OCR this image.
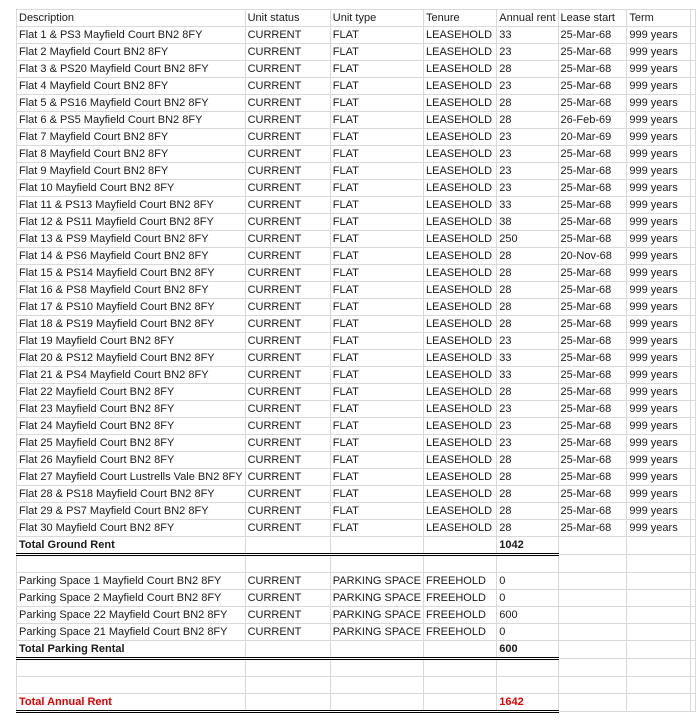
Description	Unit status	Unit type	Tenure	Annual rent	Lease start	Term	
Flat 1 & PS3 Mayfield Court BN2 8FY	CURRENT	FLAT	LEASEHOLD	33	25-Mar-68	999 years	
Flat 2 Mayfield Court BN2 8FY	CURRENT	FLAT	LEASEHOLD	23	25-Mar-68	999 years	
Flat 3 & PS20 Mayfield Court BN2 8FY	CURRENT	FLAT	LEASEHOLD	28	25-Mar-68	999 years	
Flat 4 Mayfield Court BN2 8FY	CURRENT	FLAT	LEASEHOLD	23	25-Mar-68	999 years	
Flat 5 & PS16 Mayfield Court BN2 8FY	CURRENT	FLAT	LEASEHOLD	28	25-Mar-68	999 years	
Flat 6 & PS5 Mayfield Court BN2 8FY	CURRENT	FLAT	LEASEHOLD	28	26-Feb-69	999 years	
Flat 7 Mayfield Court BN2 8FY	CURRENT	FLAT	LEASEHOLD	23	20-Mar-69	999 years	
Flat 8 Mayfield Court BN2 8FY	CURRENT	FLAT	LEASEHOLD	23	25-Mar-68	999 years	
Flat 9 Mayfield Court BN2 8FY	CURRENT	FLAT	LEASEHOLD	23	25-Mar-68	999 years	
Flat 10 Mayfield Court BN2 8FY	CURRENT	FLAT	LEASEHOLD	23	25-Mar-68	999 years	
Flat 11 & PS13 Mayfield Court BN2 8FY	CURRENT	FLAT	LEASEHOLD	33	25-Mar-68	999 years	
Flat 12 & PS11 Mayfield Court BN2 8FY	CURRENT	FLAT	LEASEHOLD	38	25-Mar-68	999 years	
Flat 13 & PS9 Mayfield Court BN2 8FY	CURRENT	FLAT	LEASEHOLD	250	25-Mar-68	999 years	
Flat 14 & PS6 Mayfield Court BN2 8FY	CURRENT	FLAT	LEASEHOLD	28	20-Nov-68	999 years	
Flat 15 & PS14 Mayfield Court BN2 8FY	CURRENT	FLAT	LEASEHOLD	28	25-Mar-68	999 years	
Flat 16 & PS8 Mayfield Court BN2 8FY	CURRENT	FLAT	LEASEHOLD	28	25-Mar-68	999 years	
Flat 17 & PS10 Mayfield Court BN2 8FY	CURRENT	FLAT	LEASEHOLD	28	25-Mar-68	999 years	
Flat 18 & PS19 Mayfield Court BN2 8FY	CURRENT	FLAT	LEASEHOLD	28	25-Mar-68	999 years	
Flat 19 Mayfield Court BN2 8FY	CURRENT	FLAT	LEASEHOLD	23	25-Mar-68	999 years	
Flat 20 & PS12 Mayfield Court BN2 8FY	CURRENT	FLAT	LEASEHOLD	33	25-Mar-68	999 years	
Flat 21 & PS4 Mayfield Court BN2 8FY	CURRENT	FLAT	LEASEHOLD	33	25-Mar-68	999 years	
Flat 22 Mayfield Court BN2 8FY	CURRENT	FLAT	LEASEHOLD	28	25-Mar-68	999 years	
Flat 23 Mayfield Court BN2 8FY	CURRENT	FLAT	LEASEHOLD	23	25-Mar-68	999 years	
Flat 24 Mayfield Court BN2 8FY	CURRENT	FLAT	LEASEHOLD	23	25-Mar-68	999 years	
Flat 25 Mayfield Court BN2 8FY	CURRENT	FLAT	LEASEHOLD	23	25-Mar-68	999 years	
Flat 26 Mayfield Court BN2 8FY	CURRENT	FLAT	LEASEHOLD	28	25-Mar-68	999 years	
Flat 27 Mayfield Court Lustrells Vale BN2 8FY	CURRENT	FLAT	LEASEHOLD	28	25-Mar-68	999 years	
Flat 28 & PS18 Mayfield Court BN2 8FY	CURRENT	FLAT	LEASEHOLD	28	25-Mar-68	999 years	
Flat 29 & PS7 Mayfield Court BN2 8FY	CURRENT	FLAT	LEASEHOLD	28	25-Mar-68	999 years	
Flat 30 Mayfield Court BN2 8FY	CURRENT	FLAT	LEASEHOLD	28	25-Mar-68	999 years	
Total Ground Rent				1042			

Parking Space 1 Mayfield Court BN2 8FY	CURRENT	PARKING SPACE	FREEHOLD	0			
Parking Space 2 Mayfield Court BN2 8FY	CURRENT	PARKING SPACE	FREEHOLD	0			
Parking Space 22 Mayfield Court BN2 8FY	CURRENT	PARKING SPACE	FREEHOLD	600			
Parking Space 21 Mayfield Court BN2 8FY	CURRENT	PARKING SPACE	FREEHOLD	0			
Total Parking Rental				600			

Total Annual Rent				1642			
